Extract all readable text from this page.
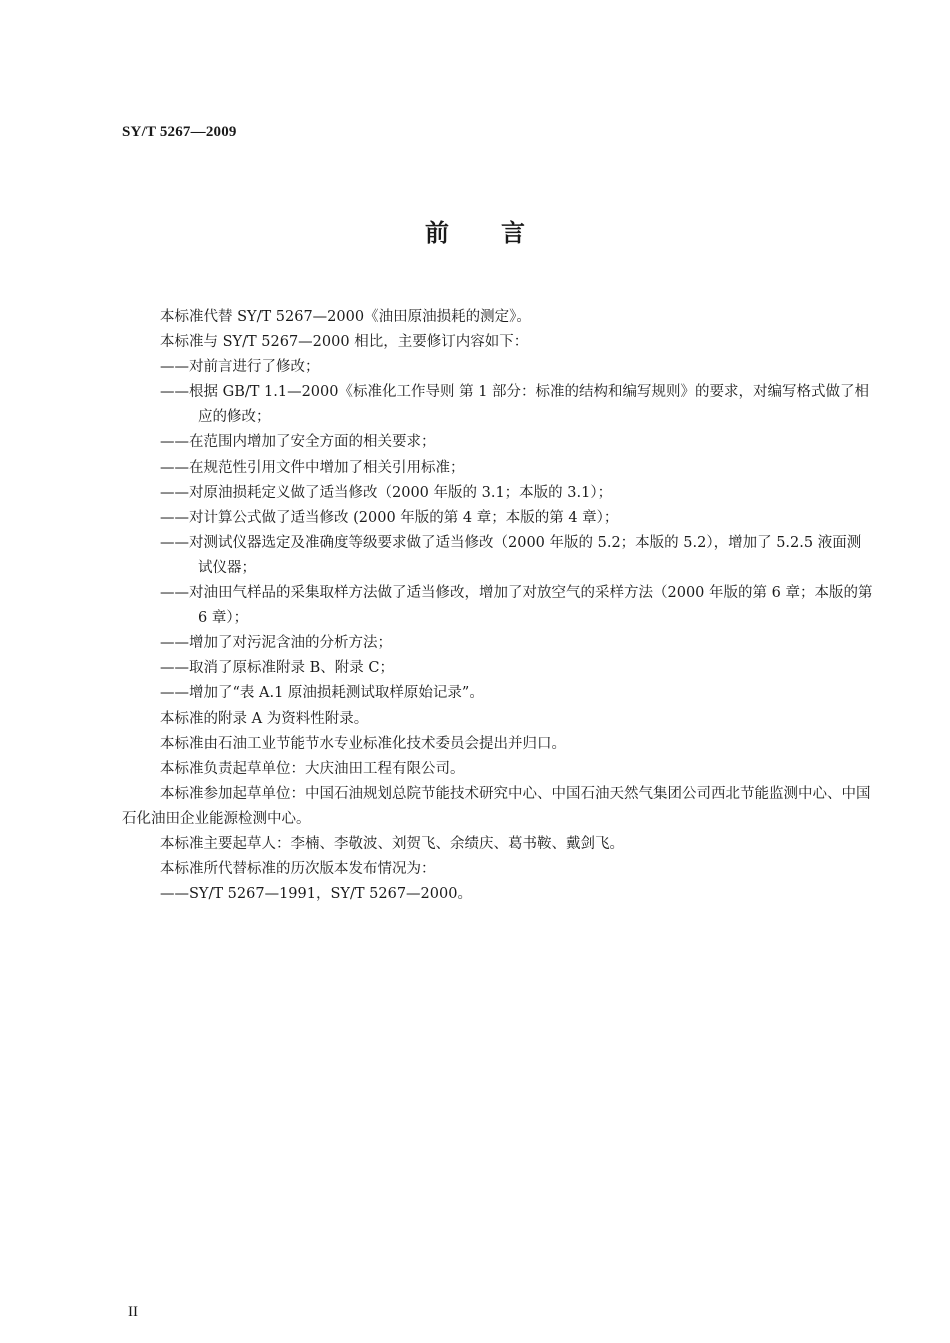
SY/T 5267—2009
前言

本标准代替 SY/T 5267—2000《油田原油损耗的测定》。

本标准与 SY/T 5267—2000 相比，主要修订内容如下：

——对前言进行了修改；

——根据 GB/T 1.1—2000《标准化工作导则 第 1 部分：标准的结构和编写规则》的要求，对编写格式做了相应的修改；

——在范围内增加了安全方面的相关要求；

——在规范性引用文件中增加了相关引用标准；

——对原油损耗定义做了适当修改（2000 年版的 3.1；本版的 3.1）；

——对计算公式做了适当修改 (2000 年版的第 4 章；本版的第 4 章）；

——对测试仪器选定及准确度等级要求做了适当修改（2000 年版的 5.2；本版的 5.2），增加了 5.2.5 液面测试仪器；

——对油田气样品的采集取样方法做了适当修改，增加了对放空气的采样方法（2000 年版的第 6 章；本版的第 6 章）；

——增加了对污泥含油的分析方法；

——取消了原标准附录 B、附录 C；

——增加了“表 A.1 原油损耗测试取样原始记录”。

本标准的附录 A 为资料性附录。

本标准由石油工业节能节水专业标准化技术委员会提出并归口。

本标准负责起草单位：大庆油田工程有限公司。

本标准参加起草单位：中国石油规划总院节能技术研究中心、中国石油天然气集团公司西北节能监测中心、中国石化油田企业能源检测中心。

本标准主要起草人：李楠、李敬波、刘贺飞、余绩庆、葛书鞍、戴剑飞。

本标准所代替标准的历次版本发布情况为：

——SY/T 5267—1991，SY/T 5267—2000。

II
